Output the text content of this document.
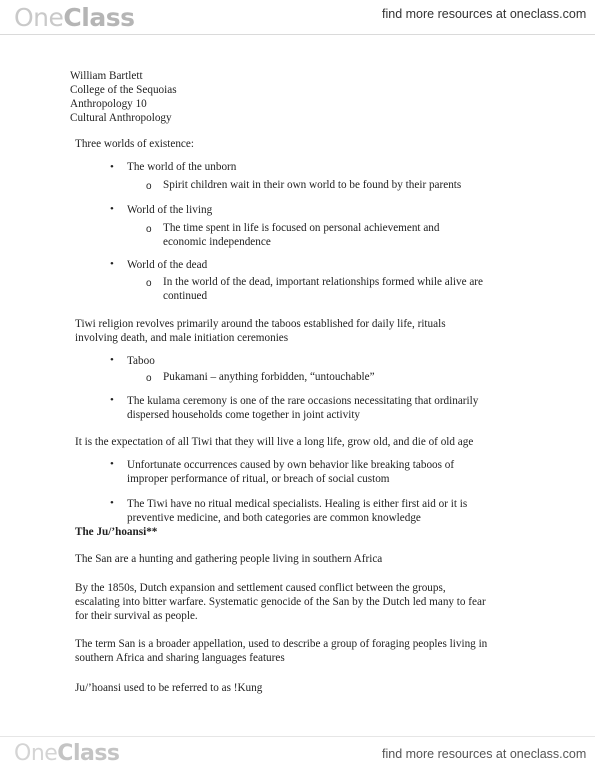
OneClass	find more resources at oneclass.com
William Bartlett
College of the Sequoias
Anthropology 10
Cultural Anthropology
Three worlds of existence:
• The world of the unborn
o Spirit children wait in their own world to be found by their parents
• World of the living
o The time spent in life is focused on personal achievement and
economic independence
• World of the dead
o In the world of the dead, important relationships formed while alive are
continued
Tiwi religion revolves primarily around the taboos established for daily life, rituals
involving death, and male initiation ceremonies
• Taboo
o Pukamani – anything forbidden, “untouchable”
• The kulama ceremony is one of the rare occasions necessitating that ordinarily
dispersed households come together in joint activity
It is the expectation of all Tiwi that they will live a long life, grow old, and die of old age
• Unfortunate occurrences caused by own behavior like breaking taboos of
improper performance of ritual, or breach of social custom
• The Tiwi have no ritual medical specialists. Healing is either first aid or it is
preventive medicine, and both categories are common knowledge
The Ju/’hoansi**
The San are a hunting and gathering people living in southern Africa
By the 1850s, Dutch expansion and settlement caused conflict between the groups,
escalating into bitter warfare. Systematic genocide of the San by the Dutch led many to fear
for their survival as people.
The term San is a broader appellation, used to describe a group of foraging peoples living in
southern Africa and sharing languages features
Ju/’hoansi used to be referred to as !Kung
OneClass	find more resources at oneclass.com
